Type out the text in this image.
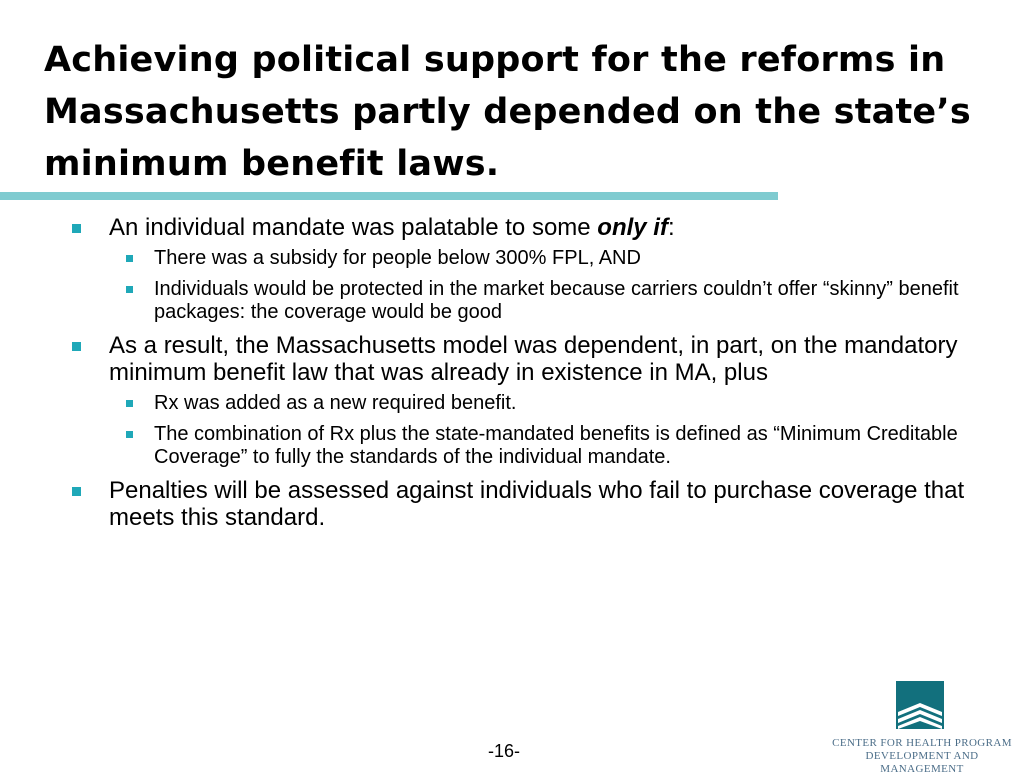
Achieving political support for the reforms in Massachusetts partly depended on the state’s minimum benefit laws.
An individual mandate was palatable to some only if:
There was a subsidy for people below 300% FPL, AND
Individuals would be protected in the market because carriers couldn’t offer “skinny” benefit packages: the coverage would be good
As a result, the Massachusetts model was dependent, in part, on the mandatory minimum benefit law that was already in existence in MA, plus
Rx was added as a new required benefit.
The combination of Rx plus the state-mandated benefits is defined as “Minimum Creditable Coverage” to fully the standards of the individual mandate.
Penalties will be assessed against individuals who fail to purchase coverage that meets this standard.
-16-	CENTER FOR HEALTH PROGRAM
DEVELOPMENT AND MANAGEMENT
